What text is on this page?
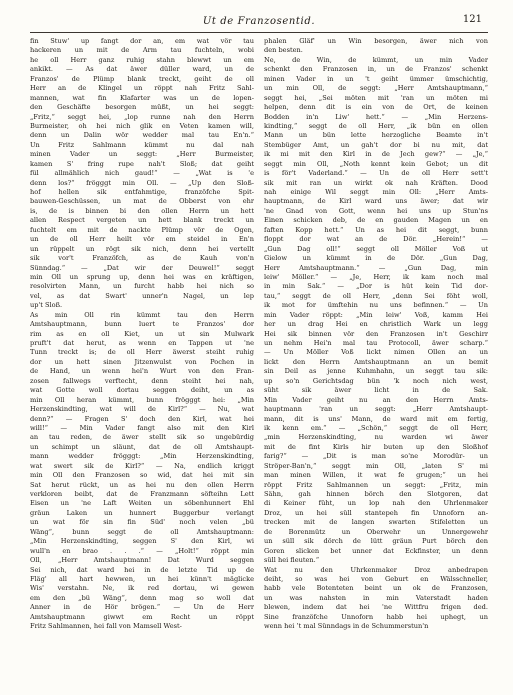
Ut de Franzosentid.	121
fin Stuw' up fangt dor an, em wat vör tau
hackeren un mit de Arm tau fuchteln, wobi
he oll Herr ganz ruhig stahn blewwt un em
ankikt. — As dat äwer düller ward, un de
Franzos' de Plümp blank treckt, geiht de oll
Herr an de Klingel un röppt nah Fritz Sahl-
mannen, wat fin Klafarter was un de lopen-
den Geschäfte besorgen müßt, un hei seggt:
„Fritz,“ seggt hei, „lop runne nah den Herrn
Burmeister, oh hei nich glik en Veten kamen will,
denn un Dalin wör wedder mal tau En'n.“
Un Fritz Sahlmann kümmt nu dal nah
minen Vader un seggt: „Herr Burmeister,
kamen S' fring rupe nah't Sloß; dat geiht
fül allmählich nich gaud!“ — „Wat is 'e
denn los?“ frögggt min Oll. — „Up den Sloß-
hof hellen sik entfahmtige, franzöfche Spit-
bauwen-Geschüssen, un mat de Obberst von ehr
is, de is binnen bi den ollen Herrn un hett
allen Respect vergeten un hett blank treckt un
fuchtelt em mit de nackte Plümp vör de Ogen,
un de oll Herr heilt vör em steidel in En'n
un rüppelt un rögt sik nich, denn hei vertellt
sik vor't Franzöfch, as de Kauh von'n
Sünndag.“ — „Dat wir der Deuwel!“ seggt
min Oll un sprung up, denn hei was en kräftigen,
resolvirten Mann, un furcht habb hei nich so
vel, as dat Swart' unner'n Nagel, un lep
up't Sloß.
As min Oll rin kümmt tau den Herrn
Amtshauptmann, bunn luert te Franzos' dor
rim as en oll Kiet, un ut sin Mulwark
pruft't dat herut, as wenn en Tappen ut 'ne
Tunn treckt is; de oll Herr äwerst steiht ruhig
dor un hett sinen Jitzenwulst von Pochen in
de Hand, un wenn hei'n Wurt von den Fran-
zosen fallwegs verftecht, denn steiht hei nah,
wat Gotte woll dortau seggen deiht, un as
min Oll heran kümmt, bunn frögggt hei: „Min
Herzenskindting, wat will de Kirl?“ — Nu, wat
denn?“ — Fragen S' doch den Kirl, wat hei
will!“ — Min Vader fangt also mit den Kirl
an tau reden, de äwer stellt sik so ungebürdig
un schimpt un släunt, dat de oll Amtshaupt-
mann wedder frögggt: „Min Herzenskindting,
wat swert sik de Kirl?“ — Na, endlich kriggt
min Oll den Franzosen so wid, dat hei mit sin
Sat herut rückt, un as hei nu den ollen Herrn
verkloren beibt, dat de Franzmann söfteihn Lett
Eisen un 'ne Laft Weiten un söbenhunnert Ehl
gräun Laken un hunnert Buggerbur verlangt
un wat för sin fin Süd' noch velen „bü
Wäng“, bunn seggt de oll Amtshauptmann:
„Min Herzenskindting, seggen S' den Kirl, wi
wull'n en brao . . .“ — „Holt!“ röppt min
Oll, „Herr Amtshauptmann! Dat Wurd seggen
Sei nich, dat ward hei in de letzte Tid up de
Fläg' all hart hewwen, un hei künn't mäglicke
Wis' verstahn. Ne, ik red dortau, wi gewen
em den „bü Wäng“, denn mag so woll dat
Anner in de Hör brögen.“ — Un de Herr
Amtshauptmann giwwt em Recht un röppt
Fritz Sahlmannen, hei fall von Mamsell West-
phalen Gläf' un Win besorgen, äwer nich von
den besten.
Ne, de Win, de kümmt, un min Vader
schenkt den Franzosen in, un de Franzos' schenkt
minen Vader in un 't geiht ümmer ümschichtig,
un min Oll, de seggt: „Herr Amtshauptmann,“
seggt hei, „Sei möten mit 'ran un möten mi
helpen, denn dit is ein von de Ort, de keinen
Bodden in'n Liw' hett.“ — „Min Herzens-
kindting,“ seggt de oll Herr, „ik bün en ollen
Mann un bün lette herzogliche Beamte in't
Stembüger Amt, un gah't dor bi nu mit, dat
ik mi mit den Kirl in de Jech gew?“ — „Je,“
seggt min Oll, „Noth kennt kein Gebot; un dit
is för't Vaderland.“ — Un de oll Herr sett't
sik mit ran un wirkt ok nah Kräften. Dood
nah einige Wil seggt min Oll: „Herr Amts-
hauptmann, de Kirl ward uns äwer; dat wir
'ne Gnad von Gott, wenn hei uns up Stun'ns
Einen schicken deb, de en gauden Magen un en
faften Kopp hett.“ Un as hei dit seggt, bunn
floppt dor wat an de Dör. „Herein!“ —
„Gun Dag oll!“ seggt oll Möller Voß ut
Gielow un kümmt in de Dör. „Gun Dag,
Herr Amtshauptmann.“ — „Gun Dag, min
leiw' Möller.“ — „Je, Herr, ik kam noch mal
in min Sak.“ — „Dor is hüt kein Tid dor-
tau,“ seggt de oll Herr, „denn Sei föht woll,
ik mot for ümftehin nu uns befinnen.“ — Un
min Vader röppt: „Min leiw' Voß, kamm Hei
her un drag Hei en christlich Wark un legg
Hei sik binnen vör den Franzosen in't Geschirr
un nehm Hei'n mal tau Protocoll, äwer scharp.“
— Un Möller Voß lickt nimen Ollen an un
lickt den Herrn Amtshauptmann an un bemit
sin Deil as jenne Kuhmhahn, un seggt tau sik:
up so'n Gerichtsdag bün 'k noch nich west,
süht sik äwer licht in de Sak.
Min Vader geiht nu an den Herrn Amts-
hauptmann 'ran un seggt: „Herr Amtshaupt-
mann, dit is uns' Mann, de ward mit em fertig,
ik kenn em.“ — „Schön,“ seggt de oll Herr,
„min Herzenskindting, nu warden wi äwer
mit de fint Kirls hir buten up den Sloßhof
farig?“ — „Dit is man so'ne Morodür- un
Ströper-Ban'n,“ seggt min Oll, „laten S' mi
man minen Willen, it wat fe grugen;“ un hei
röppt Fritz Sahlmannen un seggt: „Fritz, min
Sähn, gah hinnen börch den Slotgoren, dat
di Keiner füht, un lop nah den Uhrlenmaker
Droz, un hei süll stantepeh fin Unnoforn an-
trecken mit de langen swarten Stifeletten un
de Borenmütz un Oberwehr un Unnergewehr
un süll sik dörch de lütt gräun Purt börch den
Goren slicken bet unner dat Eckfinster, un denn
süll hei fleuten.“
Wat nu den Uhrkenmaker Droz anbedrapen
deiht, so was hei von Geburt en Wälsschneller,
habb vele Botenteten beint un ok de Franzosen,
un was nahsten in min Vaterstadt haden
blewen, indem dat hei 'ne Wittfru frigen ded.
Sine franzöfche Unnoforn habb hei uphegt, un
wenn hei ’t mal Sünndags in de Schummerstun'n
